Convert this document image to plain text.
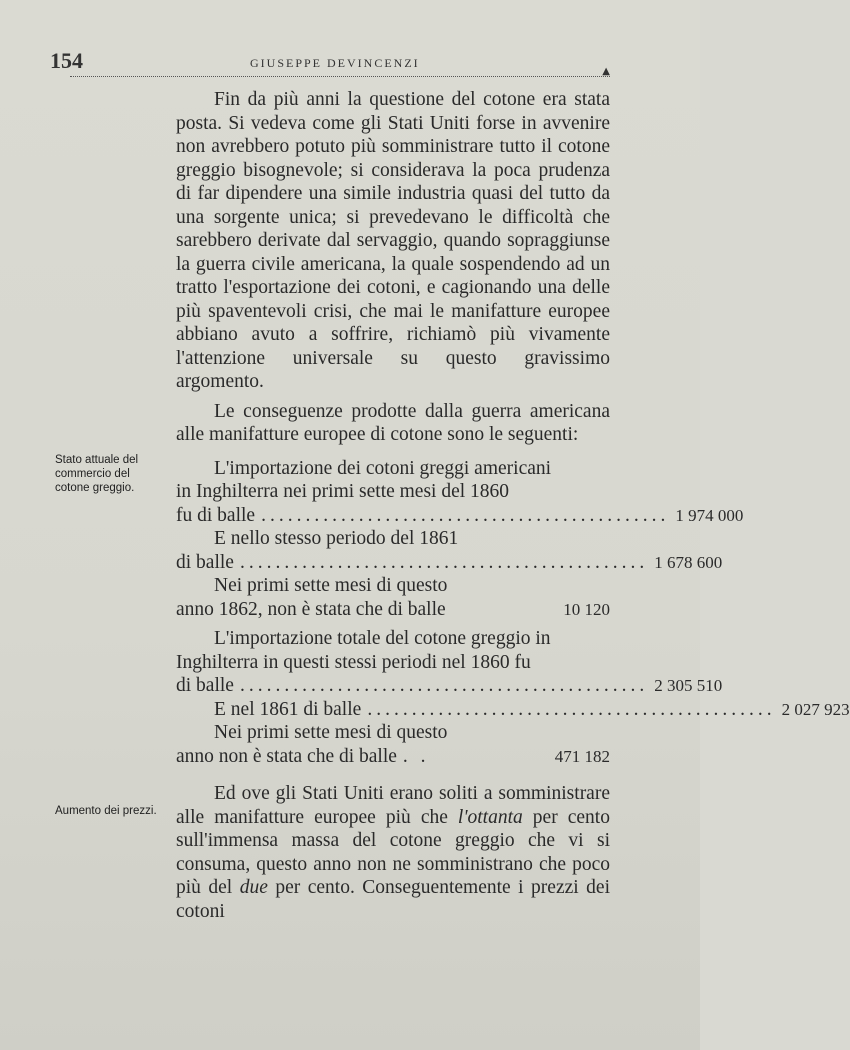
154	GIUSEPPE DEVINCENZI
▲
Stato attuale del commercio del cotone greggio.
Aumento dei prezzi.

Fin da più anni la questione del cotone era stata posta. Si vedeva come gli Stati Uniti forse in avvenire non avrebbero potuto più somministrare tutto il cotone greggio bisognevole; si considerava la poca prudenza di far dipendere una simile industria quasi del tutto da una sorgente unica; si prevedevano le difficoltà che sarebbero derivate dal servaggio, quando sopraggiunse la guerra civile americana, la quale sospendendo ad un tratto l'esportazione dei cotoni, e cagionando una delle più spaventevoli crisi, che mai le manifatture europee abbiano avuto a soffrire, richiamò più vivamente l'attenzione universale su questo gravissimo argomento.

Le conseguenze prodotte dalla guerra americana alle manifatture europee di cotone sono le seguenti:

L'importazione dei cotoni greggi americani
in Inghilterra nei primi sette mesi del 1860
fu di balle .............................................. 1 974 000
E nello stesso periodo del 1861
di balle .............................................. 1 678 600
Nei primi sette mesi di questo
anno 1862, non è stata che di balle	10 120
L'importazione totale del cotone greggio in
Inghilterra in questi stessi periodi nel 1860 fu
di balle .............................................. 2 305 510
E nel 1861 di balle .............................................. 2 027 923
Nei primi sette mesi di questo
anno non è stata che di balle . .	471 182

Ed ove gli Stati Uniti erano soliti a somministrare alle manifatture europee più che l'ottanta per cento sull'immensa massa del cotone greggio che vi si consuma, questo anno non ne somministrano che poco più del due per cento. Conseguentemente i prezzi dei cotoni
